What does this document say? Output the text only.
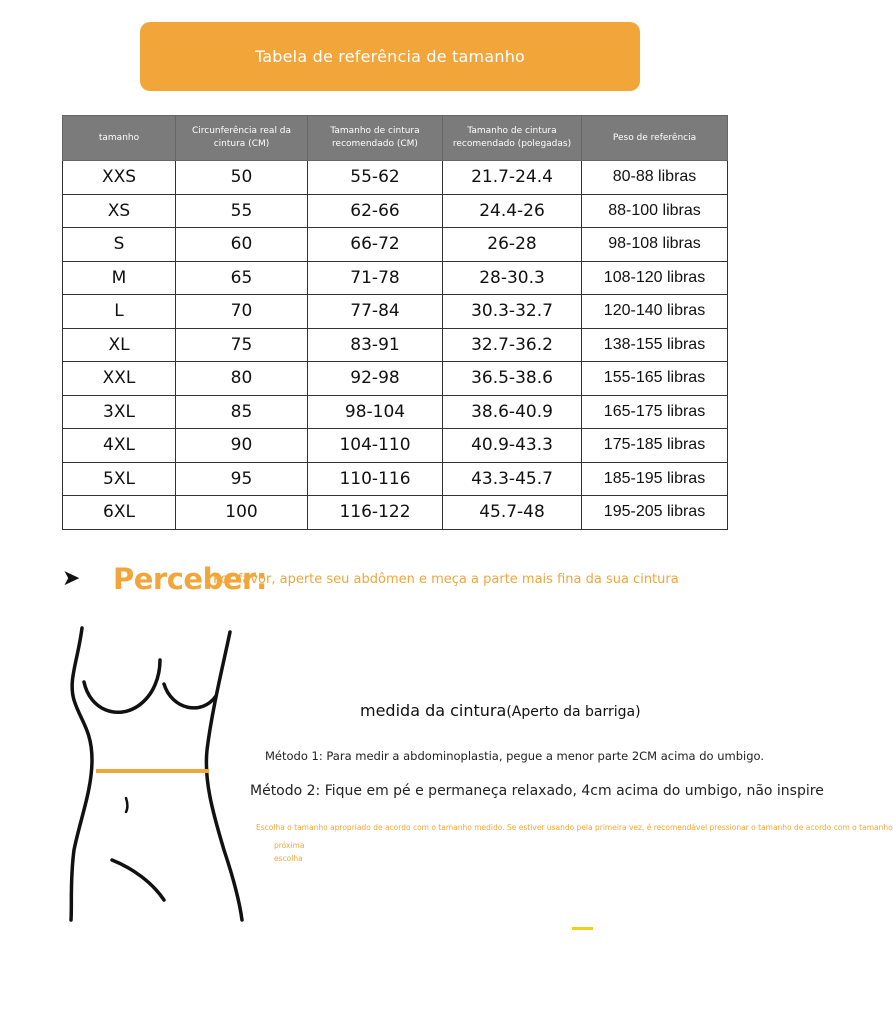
Tabela de referência de tamanho
tamanho	Circunferência real da cintura (CM)	Tamanho de cintura recomendado (CM)	Tamanho de cintura recomendado (polegadas)	Peso de referência
XXS	50	55-62	21.7-24.4	80-88 libras
XS	55	62-66	24.4-26	88-100 libras
S	60	66-72	26-28	98-108 libras
M	65	71-78	28-30.3	108-120 libras
L	70	77-84	30.3-32.7	120-140 libras
XL	75	83-91	32.7-36.2	138-155 libras
XXL	80	92-98	36.5-38.6	155-165 libras
3XL	85	98-104	38.6-40.9	165-175 libras
4XL	90	104-110	40.9-43.3	175-185 libras
5XL	95	110-116	43.3-45.7	185-195 libras
6XL	100	116-122	45.7-48	195-205 libras
➤ Perceber:
Por favor, aperte seu abdômen e meça a parte mais fina da sua cintura
medida da cintura(Aperto da barriga)
Método 1: Para medir a abdominoplastia, pegue a menor parte 2CM acima do umbigo.
Método 2: Fique em pé e permaneça relaxado, 4cm acima do umbigo, não inspire
Escolha o tamanho apropriado de acordo com o tamanho medido. Se estiver usando pela primeira vez, é recomendável pressionar o tamanho de acordo com o tamanho
próxima
escolha
